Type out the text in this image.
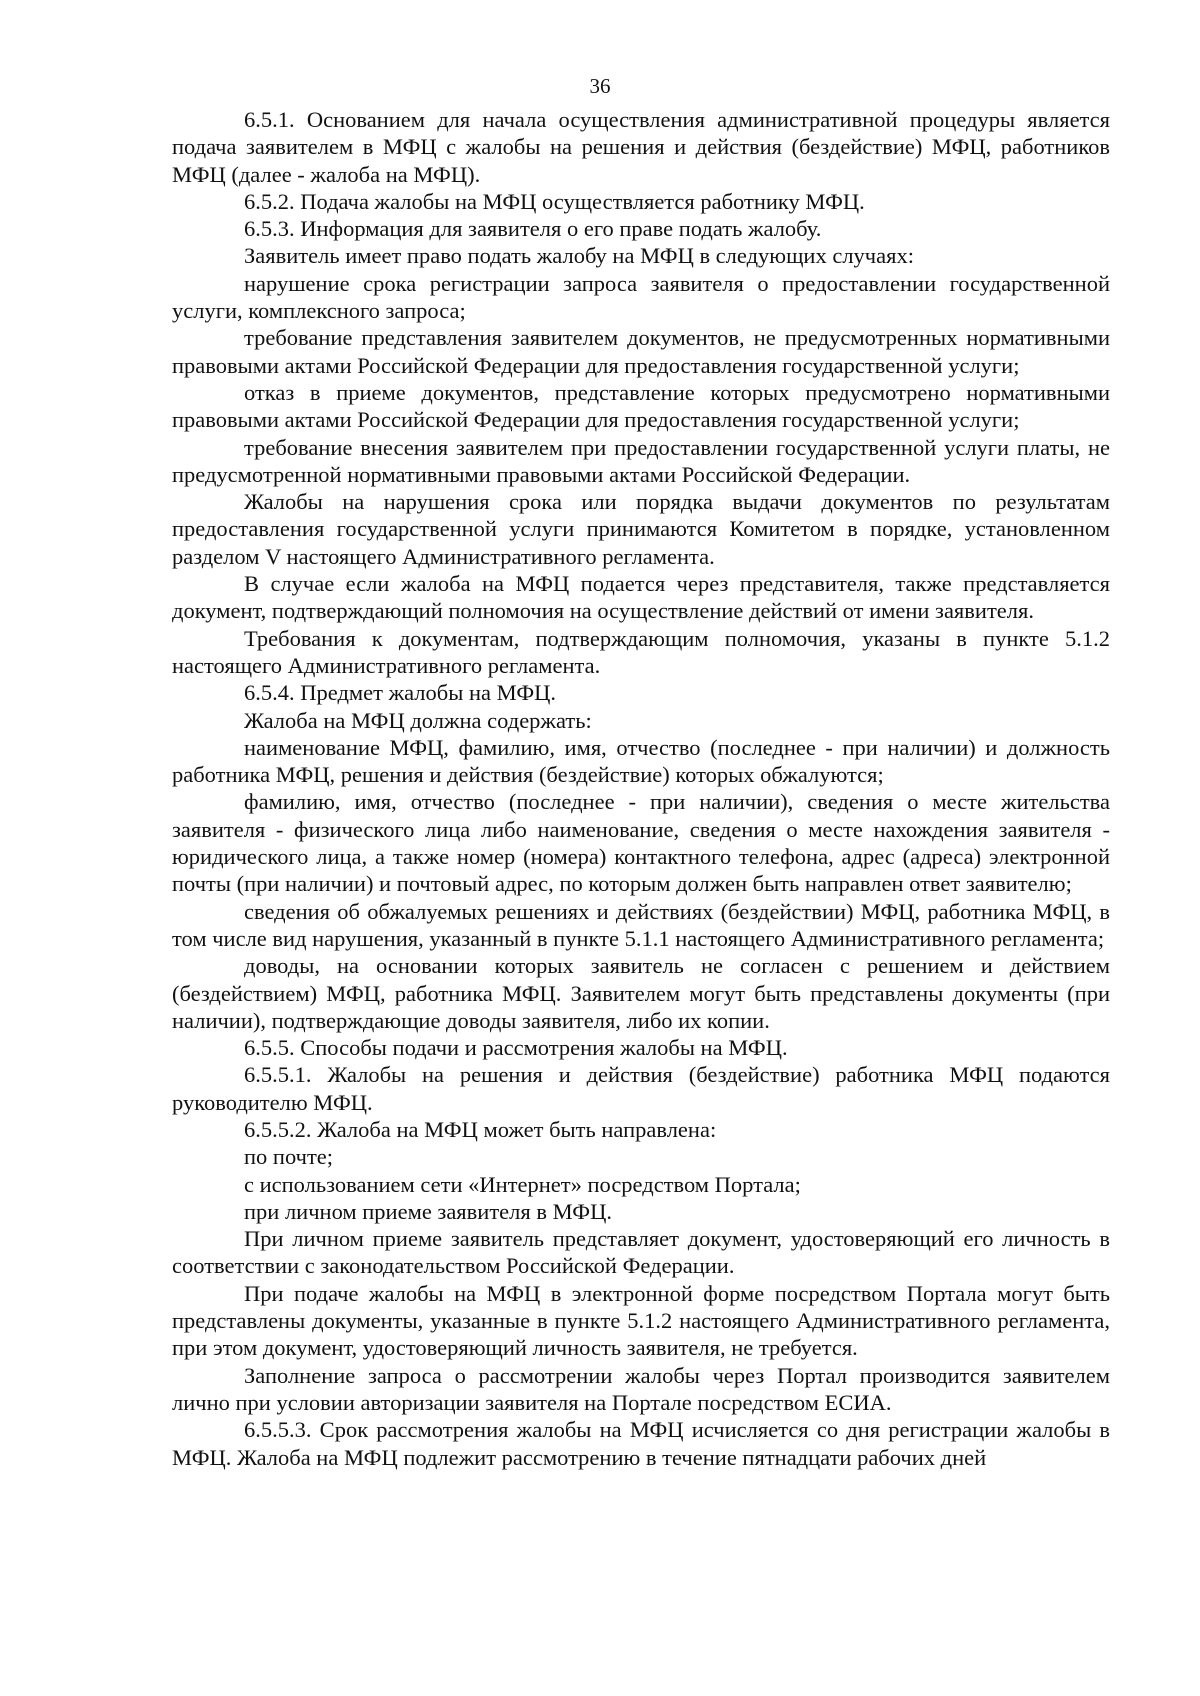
36

6.5.1. Основанием для начала осуществления административной процедуры является подача заявителем в МФЦ с жалобы на решения и действия (бездействие) МФЦ, работников МФЦ (далее - жалоба на МФЦ).

6.5.2. Подача жалобы на МФЦ осуществляется работнику МФЦ.

6.5.3. Информация для заявителя о его праве подать жалобу.

Заявитель имеет право подать жалобу на МФЦ в следующих случаях:

нарушение срока регистрации запроса заявителя о предоставлении государственной услуги, комплексного запроса;

требование представления заявителем документов, не предусмотренных нормативными правовыми актами Российской Федерации для предоставления государственной услуги;

отказ в приеме документов, представление которых предусмотрено нормативными правовыми актами Российской Федерации для предоставления государственной услуги;

требование внесения заявителем при предоставлении государственной услуги платы, не предусмотренной нормативными правовыми актами Российской Федерации.

Жалобы на нарушения срока или порядка выдачи документов по результатам предоставления государственной услуги принимаются Комитетом в порядке, установленном разделом V настоящего Административного регламента.

В случае если жалоба на МФЦ подается через представителя, также представляется документ, подтверждающий полномочия на осуществление действий от имени заявителя.

Требования к документам, подтверждающим полномочия, указаны в пункте 5.1.2 настоящего Административного регламента.

6.5.4. Предмет жалобы на МФЦ.

Жалоба на МФЦ должна содержать:

наименование МФЦ, фамилию, имя, отчество (последнее - при наличии) и должность работника МФЦ, решения и действия (бездействие) которых обжалуются;

фамилию, имя, отчество (последнее - при наличии), сведения о месте жительства заявителя - физического лица либо наименование, сведения о месте нахождения заявителя - юридического лица, а также номер (номера) контактного телефона, адрес (адреса) электронной почты (при наличии) и почтовый адрес, по которым должен быть направлен ответ заявителю;

сведения об обжалуемых решениях и действиях (бездействии) МФЦ, работника МФЦ, в том числе вид нарушения, указанный в пункте 5.1.1 настоящего Административного регламента;

доводы, на основании которых заявитель не согласен с решением и действием (бездействием) МФЦ, работника МФЦ. Заявителем могут быть представлены документы (при наличии), подтверждающие доводы заявителя, либо их копии.

6.5.5. Способы подачи и рассмотрения жалобы на МФЦ.

6.5.5.1. Жалобы на решения и действия (бездействие) работника МФЦ подаются руководителю МФЦ.

6.5.5.2. Жалоба на МФЦ может быть направлена:

по почте;

с использованием сети «Интернет» посредством Портала;

при личном приеме заявителя в МФЦ.

При личном приеме заявитель представляет документ, удостоверяющий его личность в соответствии с законодательством Российской Федерации.

При подаче жалобы на МФЦ в электронной форме посредством Портала могут быть представлены документы, указанные в пункте 5.1.2 настоящего Административного регламента, при этом документ, удостоверяющий личность заявителя, не требуется.

Заполнение запроса о рассмотрении жалобы через Портал производится заявителем лично при условии авторизации заявителя на Портале посредством ЕСИА.

6.5.5.3. Срок рассмотрения жалобы на МФЦ исчисляется со дня регистрации жалобы в МФЦ. Жалоба на МФЦ подлежит рассмотрению в течение пятнадцати рабочих дней
